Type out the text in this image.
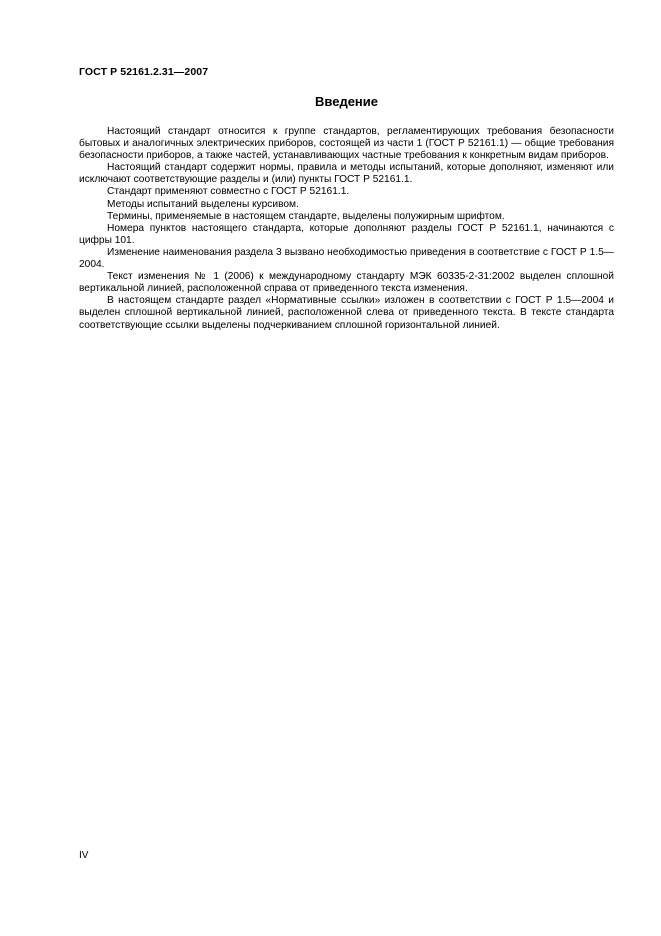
ГОСТ Р 52161.2.31—2007
Введение

Настоящий стандарт относится к группе стандартов, регламентирующих требования безопасности бытовых и аналогичных электрических приборов, состоящей из части 1 (ГОСТ Р 52161.1) — общие требования безопасности приборов, а также частей, устанавливающих частные требования к конкретным видам приборов.

Настоящий стандарт содержит нормы, правила и методы испытаний, которые дополняют, изменяют или исключают соответствующие разделы и (или) пункты ГОСТ Р 52161.1.

Стандарт применяют совместно с ГОСТ Р 52161.1.

Методы испытаний выделены курсивом.

Термины, применяемые в настоящем стандарте, выделены полужирным шрифтом.

Номера пунктов настоящего стандарта, которые дополняют разделы ГОСТ Р 52161.1, начинаются с цифры 101.

Изменение наименования раздела 3 вызвано необходимостью приведения в соответствие с ГОСТ Р 1.5—2004.

Текст изменения № 1 (2006) к международному стандарту МЭК 60335-2-31:2002 выделен сплошной вертикальной линией, расположенной справа от приведенного текста изменения.

В настоящем стандарте раздел «Нормативные ссылки» изложен в соответствии с ГОСТ Р 1.5—2004 и выделен сплошной вертикальной линией, расположенной слева от приведенного текста. В тексте стандарта соответствующие ссылки выделены подчеркиванием сплошной горизонтальной линией.

IV
